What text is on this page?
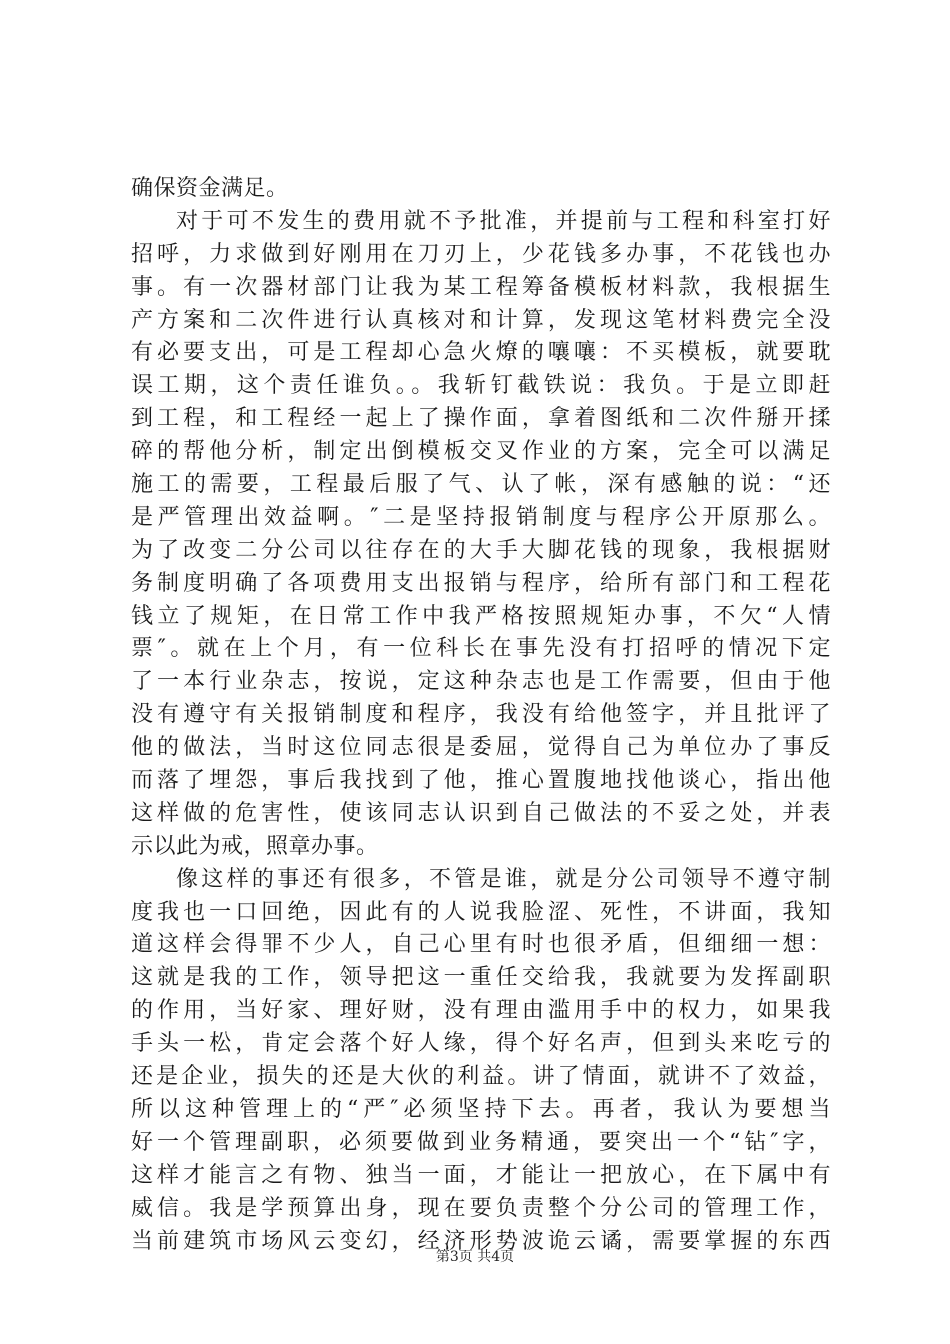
确保资金满足。
对于可不发生的费用就不予批准，并提前与工程和科室打好
招呼，力求做到好刚用在刀刃上，少花钱多办事，不花钱也办
事。有一次器材部门让我为某工程筹备模板材料款，我根据生
产方案和二次件进行认真核对和计算，发现这笔材料费完全没
有必要支出，可是工程却心急火燎的嚷嚷：不买模板，就要耽
误工期，这个责任谁负。。我斩钉截铁说：我负。于是立即赶
到工程，和工程经一起上了操作面，拿着图纸和二次件掰开揉
碎的帮他分析，制定出倒模板交叉作业的方案，完全可以满足
施工的需要，工程最后服了气、认了帐，深有感触的说：“还
是严管理出效益啊。″二是坚持报销制度与程序公开原那么。
为了改变二分公司以往存在的大手大脚花钱的现象，我根据财
务制度明确了各项费用支出报销与程序，给所有部门和工程花
钱立了规矩，在日常工作中我严格按照规矩办事，不欠“人情
票″。就在上个月，有一位科长在事先没有打招呼的情况下定
了一本行业杂志，按说，定这种杂志也是工作需要，但由于他
没有遵守有关报销制度和程序，我没有给他签字，并且批评了
他的做法，当时这位同志很是委屈，觉得自己为单位办了事反
而落了埋怨，事后我找到了他，推心置腹地找他谈心，指出他
这样做的危害性，使该同志认识到自己做法的不妥之处，并表
示以此为戒，照章办事。
像这样的事还有很多，不管是谁，就是分公司领导不遵守制
度我也一口回绝，因此有的人说我脸涩、死性，不讲面，我知
道这样会得罪不少人，自己心里有时也很矛盾，但细细一想：
这就是我的工作，领导把这一重任交给我，我就要为发挥副职
的作用，当好家、理好财，没有理由滥用手中的权力，如果我
手头一松，肯定会落个好人缘，得个好名声，但到头来吃亏的
还是企业，损失的还是大伙的利益。讲了情面，就讲不了效益，
所以这种管理上的“严″必须坚持下去。再者，我认为要想当
好一个管理副职，必须要做到业务精通，要突出一个“钻″字，
这样才能言之有物、独当一面，才能让一把放心，在下属中有
威信。我是学预算出身，现在要负责整个分公司的管理工作，
当前建筑市场风云变幻，经济形势波诡云谲，需要掌握的东西
第3页 共4页
